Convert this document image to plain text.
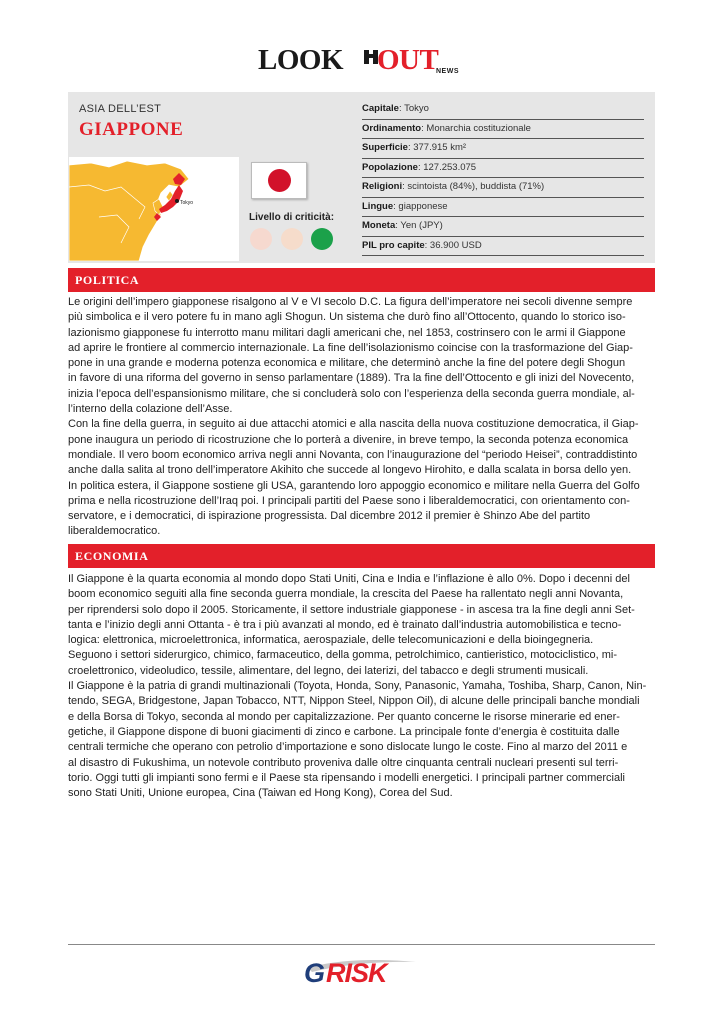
LOOK OUT
NEWS
ASIA DELL’EST
GIAPPONE
Tokyo
Livello di criticità:
Capitale: Tokyo
Ordinamento: Monarchia costituzionale
Superficie: 377.915 km²
Popolazione: 127.253.075
Religioni: scintoista (84%), buddista (71%)
Lingue: giapponese
Moneta: Yen (JPY)
PIL pro capite: 36.900 USD
POLITICA
Le origini dell’impero giapponese risalgono al V e VI secolo D.C. La figura dell’imperatore nei secoli divenne sempre
più simbolica e il vero potere fu in mano agli Shogun. Un sistema che durò fino all’Ottocento, quando lo storico iso-
lazionismo giapponese fu interrotto manu militari dagli americani che, nel 1853, costrinsero con le armi il Giappone
ad aprire le frontiere al commercio internazionale. La fine dell’isolazionismo coincise con la trasformazione del Giap-
pone in una grande e moderna potenza economica e militare, che determinò anche la fine del potere degli Shogun
in favore di una riforma del governo in senso parlamentare (1889). Tra la fine dell’Ottocento e gli inizi del Novecento,
inizia l’epoca dell’espansionismo militare, che si concluderà solo con l’esperienza della seconda guerra mondiale, al-
l’interno della colazione dell’Asse.
Con la fine della guerra, in seguito ai due attacchi atomici e alla nascita della nuova costituzione democratica, il Giap-
pone inaugura un periodo di ricostruzione che lo porterà a divenire, in breve tempo, la seconda potenza economica
mondiale. Il vero boom economico arriva negli anni Novanta, con l’inaugurazione del “periodo Heisei”, contraddistinto
anche dalla salita al trono dell’imperatore Akihito che succede al longevo Hirohito, e dalla scalata in borsa dello yen.
In politica estera, il Giappone sostiene gli USA, garantendo loro appoggio economico e militare nella Guerra del Golfo
prima e nella ricostruzione dell’Iraq poi. I principali partiti del Paese sono i liberaldemocratici, con orientamento con-
servatore, e i democratici, di ispirazione progressista. Dal dicembre 2012 il premier è Shinzo Abe del partito
liberaldemocratico.
ECONOMIA
Il Giappone è la quarta economia al mondo dopo Stati Uniti, Cina e India e l’inflazione è allo 0%. Dopo i decenni del
boom economico seguiti alla fine seconda guerra mondiale, la crescita del Paese ha rallentato negli anni Novanta,
per riprendersi solo dopo il 2005. Storicamente, il settore industriale giapponese - in ascesa tra la fine degli anni Set-
tanta e l’inizio degli anni Ottanta - è tra i più avanzati al mondo, ed è trainato dall’industria automobilistica e tecno-
logica: elettronica, microelettronica, informatica, aerospaziale, delle telecomunicazioni e della bioingegneria.
Seguono i settori siderurgico, chimico, farmaceutico, della gomma, petrolchimico, cantieristico, motociclistico, mi-
croelettronico, videoludico, tessile, alimentare, del legno, dei laterizi, del tabacco e degli strumenti musicali.
Il Giappone è la patria di grandi multinazionali (Toyota, Honda, Sony, Panasonic, Yamaha, Toshiba, Sharp, Canon, Nin-
tendo, SEGA, Bridgestone, Japan Tobacco, NTT, Nippon Steel, Nippon Oil), di alcune delle principali banche mondiali
e della Borsa di Tokyo, seconda al mondo per capitalizzazione. Per quanto concerne le risorse minerarie ed ener-
getiche, il Giappone dispone di buoni giacimenti di zinco e carbone. La principale fonte d’energia è costituita dalle
centrali termiche che operano con petrolio d’importazione e sono dislocate lungo le coste. Fino al marzo del 2011 e
al disastro di Fukushima, un notevole contributo proveniva dalle oltre cinquanta centrali nucleari presenti sul terri-
torio. Oggi tutti gli impianti sono fermi e il Paese sta ripensando i modelli energetici. I principali partner commerciali
sono Stati Uniti, Unione europea, Cina (Taiwan ed Hong Kong), Corea del Sud.
G RISK
